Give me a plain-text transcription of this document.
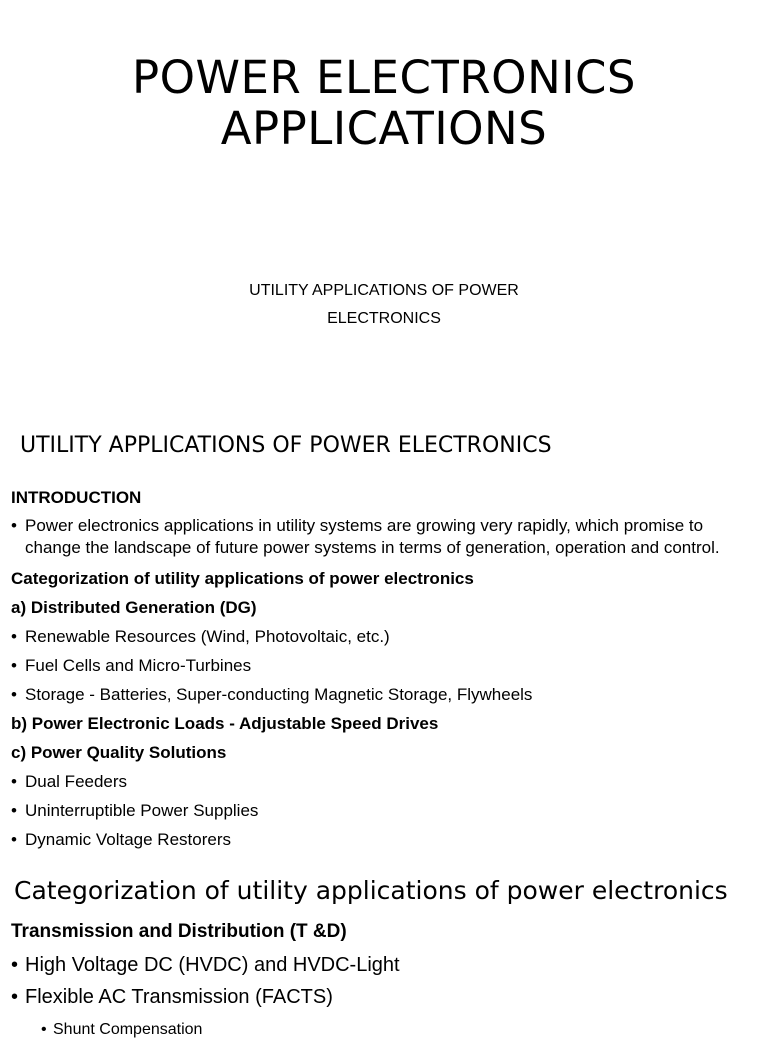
POWER ELECTRONICS
APPLICATIONS
UTILITY APPLICATIONS OF POWER
ELECTRONICS
UTILITY APPLICATIONS OF POWER ELECTRONICS
INTRODUCTION
• Power electronics applications in utility systems are growing very rapidly, which promise to change the landscape of future power systems in terms of generation, operation and control.
Categorization of utility applications of power electronics
a) Distributed Generation (DG)
• Renewable Resources (Wind, Photovoltaic, etc.)
• Fuel Cells and Micro-Turbines
• Storage - Batteries, Super-conducting Magnetic Storage, Flywheels
b) Power Electronic Loads - Adjustable Speed Drives
c) Power Quality Solutions
• Dual Feeders
• Uninterruptible Power Supplies
• Dynamic Voltage Restorers
Categorization of utility applications of power electronics
Transmission and Distribution (T &D)
• High Voltage DC (HVDC) and HVDC-Light
• Flexible AC Transmission (FACTS)
• Shunt Compensation
